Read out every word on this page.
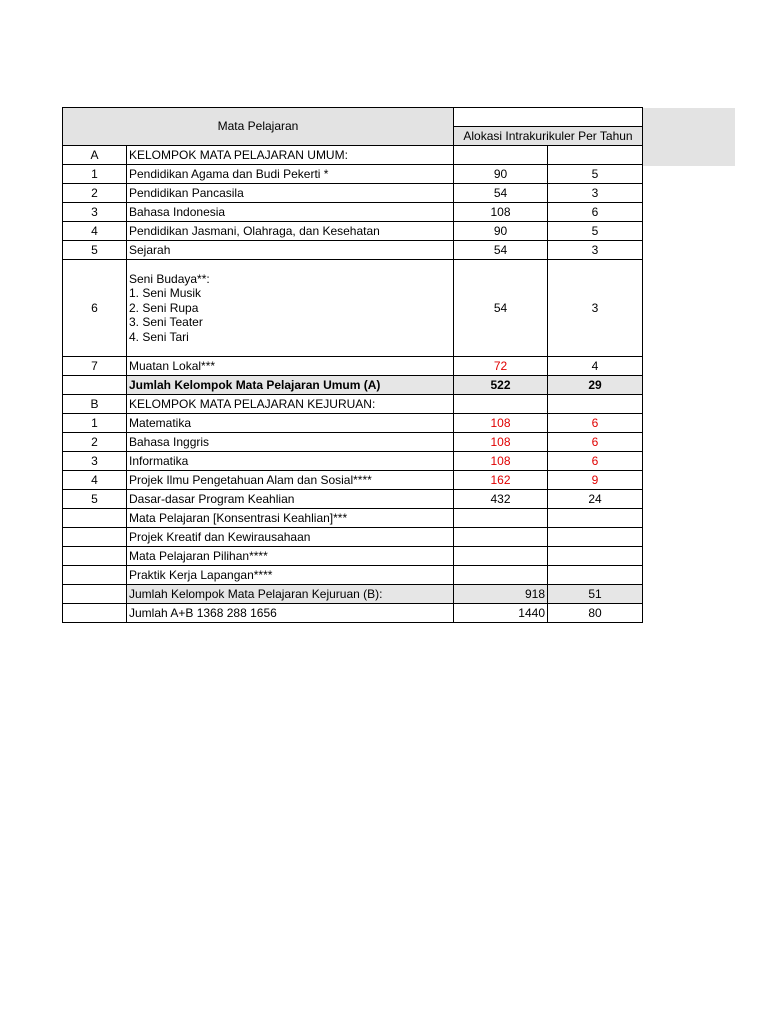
Mata Pelajaran			
		Alokasi Intrakurikuler Per Tahun	
A	KELOMPOK MATA PELAJARAN UMUM:		
1	Pendidikan Agama dan Budi Pekerti *	90	5
2	Pendidikan Pancasila	54	3
3	Bahasa Indonesia	108	6
4	Pendidikan Jasmani, Olahraga, dan Kesehatan	90	5
5	Sejarah	54	3
6	Seni Budaya**:
1. Seni Musik
2. Seni Rupa
3. Seni Teater
4. Seni Tari	54	3
7	Muatan Lokal***	72	4
	Jumlah Kelompok Mata Pelajaran Umum (A)	522	29
B	KELOMPOK MATA PELAJARAN KEJURUAN:		
1	Matematika	108	6
2	Bahasa Inggris	108	6
3	Informatika	108	6
4	Projek Ilmu Pengetahuan Alam dan Sosial****	162	9
5	Dasar-dasar Program Keahlian	432	24
	Mata Pelajaran [Konsentrasi Keahlian]***		
	Projek Kreatif dan Kewirausahaan		
	Mata Pelajaran Pilihan****		
	Praktik Kerja Lapangan****		
	Jumlah Kelompok Mata Pelajaran Kejuruan (B):	918	51
	Jumlah A+B 1368 288 1656	1440	80
